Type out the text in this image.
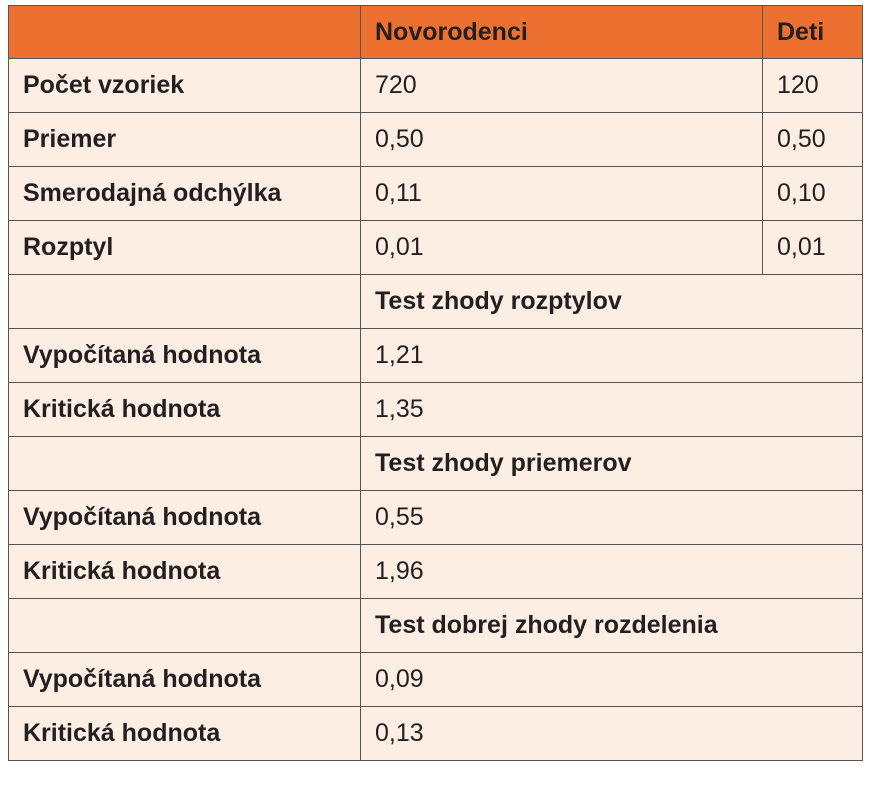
	Novorodenci	Deti
Počet vzoriek	720	120
Priemer	0,50	0,50
Smerodajná odchýlka	0,11	0,10
Rozptyl	0,01	0,01
	Test zhody rozptylov	
Vypočítaná hodnota	1,21	
Kritická hodnota	1,35	
	Test zhody priemerov	
Vypočítaná hodnota	0,55	
Kritická hodnota	1,96	
	Test dobrej zhody rozdelenia	
Vypočítaná hodnota	0,09	
Kritická hodnota	0,13	
